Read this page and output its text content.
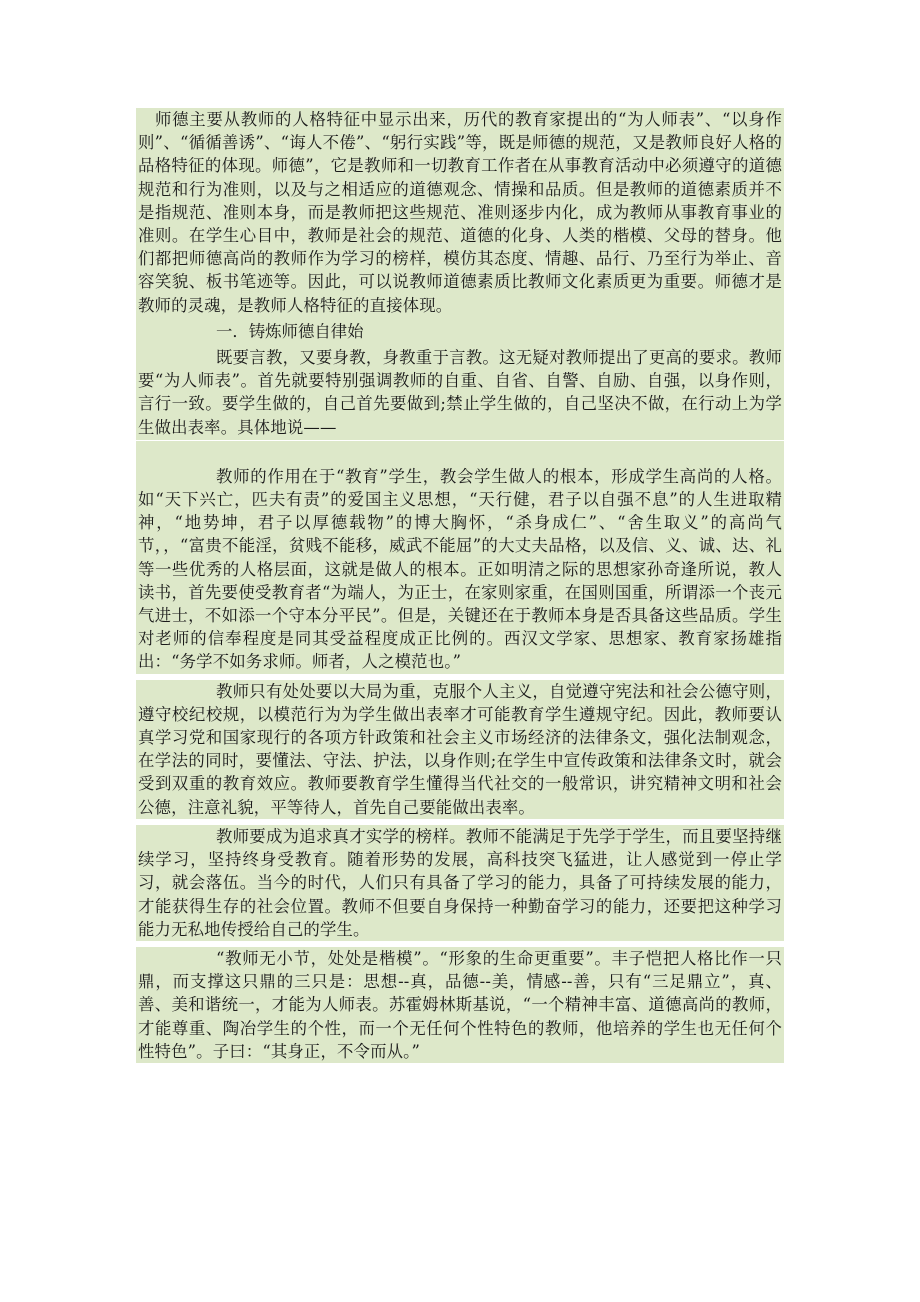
师德主要从教师的人格特征中显示出来，历代的教育家提出的“为人师表”、“以身作则”、“循循善诱”、“诲人不倦”、“躬行实践”等，既是师德的规范，又是教师良好人格的品格特征的体现。师德”，它是教师和一切教育工作者在从事教育活动中必须遵守的道德规范和行为准则，以及与之相适应的道德观念、情操和品质。但是教师的道德素质并不是指规范、准则本身，而是教师把这些规范、准则逐步内化，成为教师从事教育事业的准则。在学生心目中，教师是社会的规范、道德的化身、人类的楷模、父母的替身。他们都把师德高尚的教师作为学习的榜样，模仿其态度、情趣、品行、乃至行为举止、音容笑貌、板书笔迹等。因此，可以说教师道德素质比教师文化素质更为重要。师德才是教师的灵魂，是教师人格特征的直接体现。

一．铸炼师德自律始

既要言教，又要身教，身教重于言教。这无疑对教师提出了更高的要求。教师要“为人师表”。首先就要特别强调教师的自重、自省、自警、自励、自强，以身作则，言行一致。要学生做的，自己首先要做到;禁止学生做的，自己坚决不做，在行动上为学生做出表率。具体地说——

教师的作用在于“教育”学生，教会学生做人的根本，形成学生高尚的人格。如“天下兴亡，匹夫有责”的爱国主义思想，“天行健，君子以自强不息”的人生进取精神，“地势坤，君子以厚德载物”的博大胸怀，“杀身成仁”、“舍生取义”的高尚气节，，“富贵不能淫，贫贱不能移，威武不能屈”的大丈夫品格，以及信、义、诚、达、礼等一些优秀的人格层面，这就是做人的根本。正如明清之际的思想家孙奇逢所说，教人读书，首先要使受教育者“为端人，为正士，在家则家重，在国则国重，所谓添一个丧元气进士，不如添一个守本分平民”。但是，关键还在于教师本身是否具备这些品质。学生对老师的信奉程度是同其受益程度成正比例的。西汉文学家、思想家、教育家扬雄指出：“务学不如务求师。师者，人之模范也。”

教师只有处处要以大局为重，克服个人主义，自觉遵守宪法和社会公德守则，遵守校纪校规，以模范行为为学生做出表率才可能教育学生遵规守纪。因此，教师要认真学习党和国家现行的各项方针政策和社会主义市场经济的法律条文，强化法制观念，在学法的同时，要懂法、守法、护法，以身作则;在学生中宣传政策和法律条文时，就会受到双重的教育效应。教师要教育学生懂得当代社交的一般常识，讲究精神文明和社会公德，注意礼貌，平等待人，首先自己要能做出表率。

教师要成为追求真才实学的榜样。教师不能满足于先学于学生，而且要坚持继续学习，坚持终身受教育。随着形势的发展，高科技突飞猛进，让人感觉到一停止学习，就会落伍。当今的时代，人们只有具备了学习的能力，具备了可持续发展的能力，才能获得生存的社会位置。教师不但要自身保持一种勤奋学习的能力，还要把这种学习能力无私地传授给自己的学生。

“教师无小节，处处是楷模”。“形象的生命更重要”。丰子恺把人格比作一只鼎，而支撑这只鼎的三只是：思想--真，品德--美，情感--善，只有“三足鼎立”，真、善、美和谐统一，才能为人师表。苏霍姆林斯基说，“一个精神丰富、道德高尚的教师，才能尊重、陶冶学生的个性，而一个无任何个性特色的教师，他培养的学生也无任何个性特色”。子曰：“其身正，不令而从。”
